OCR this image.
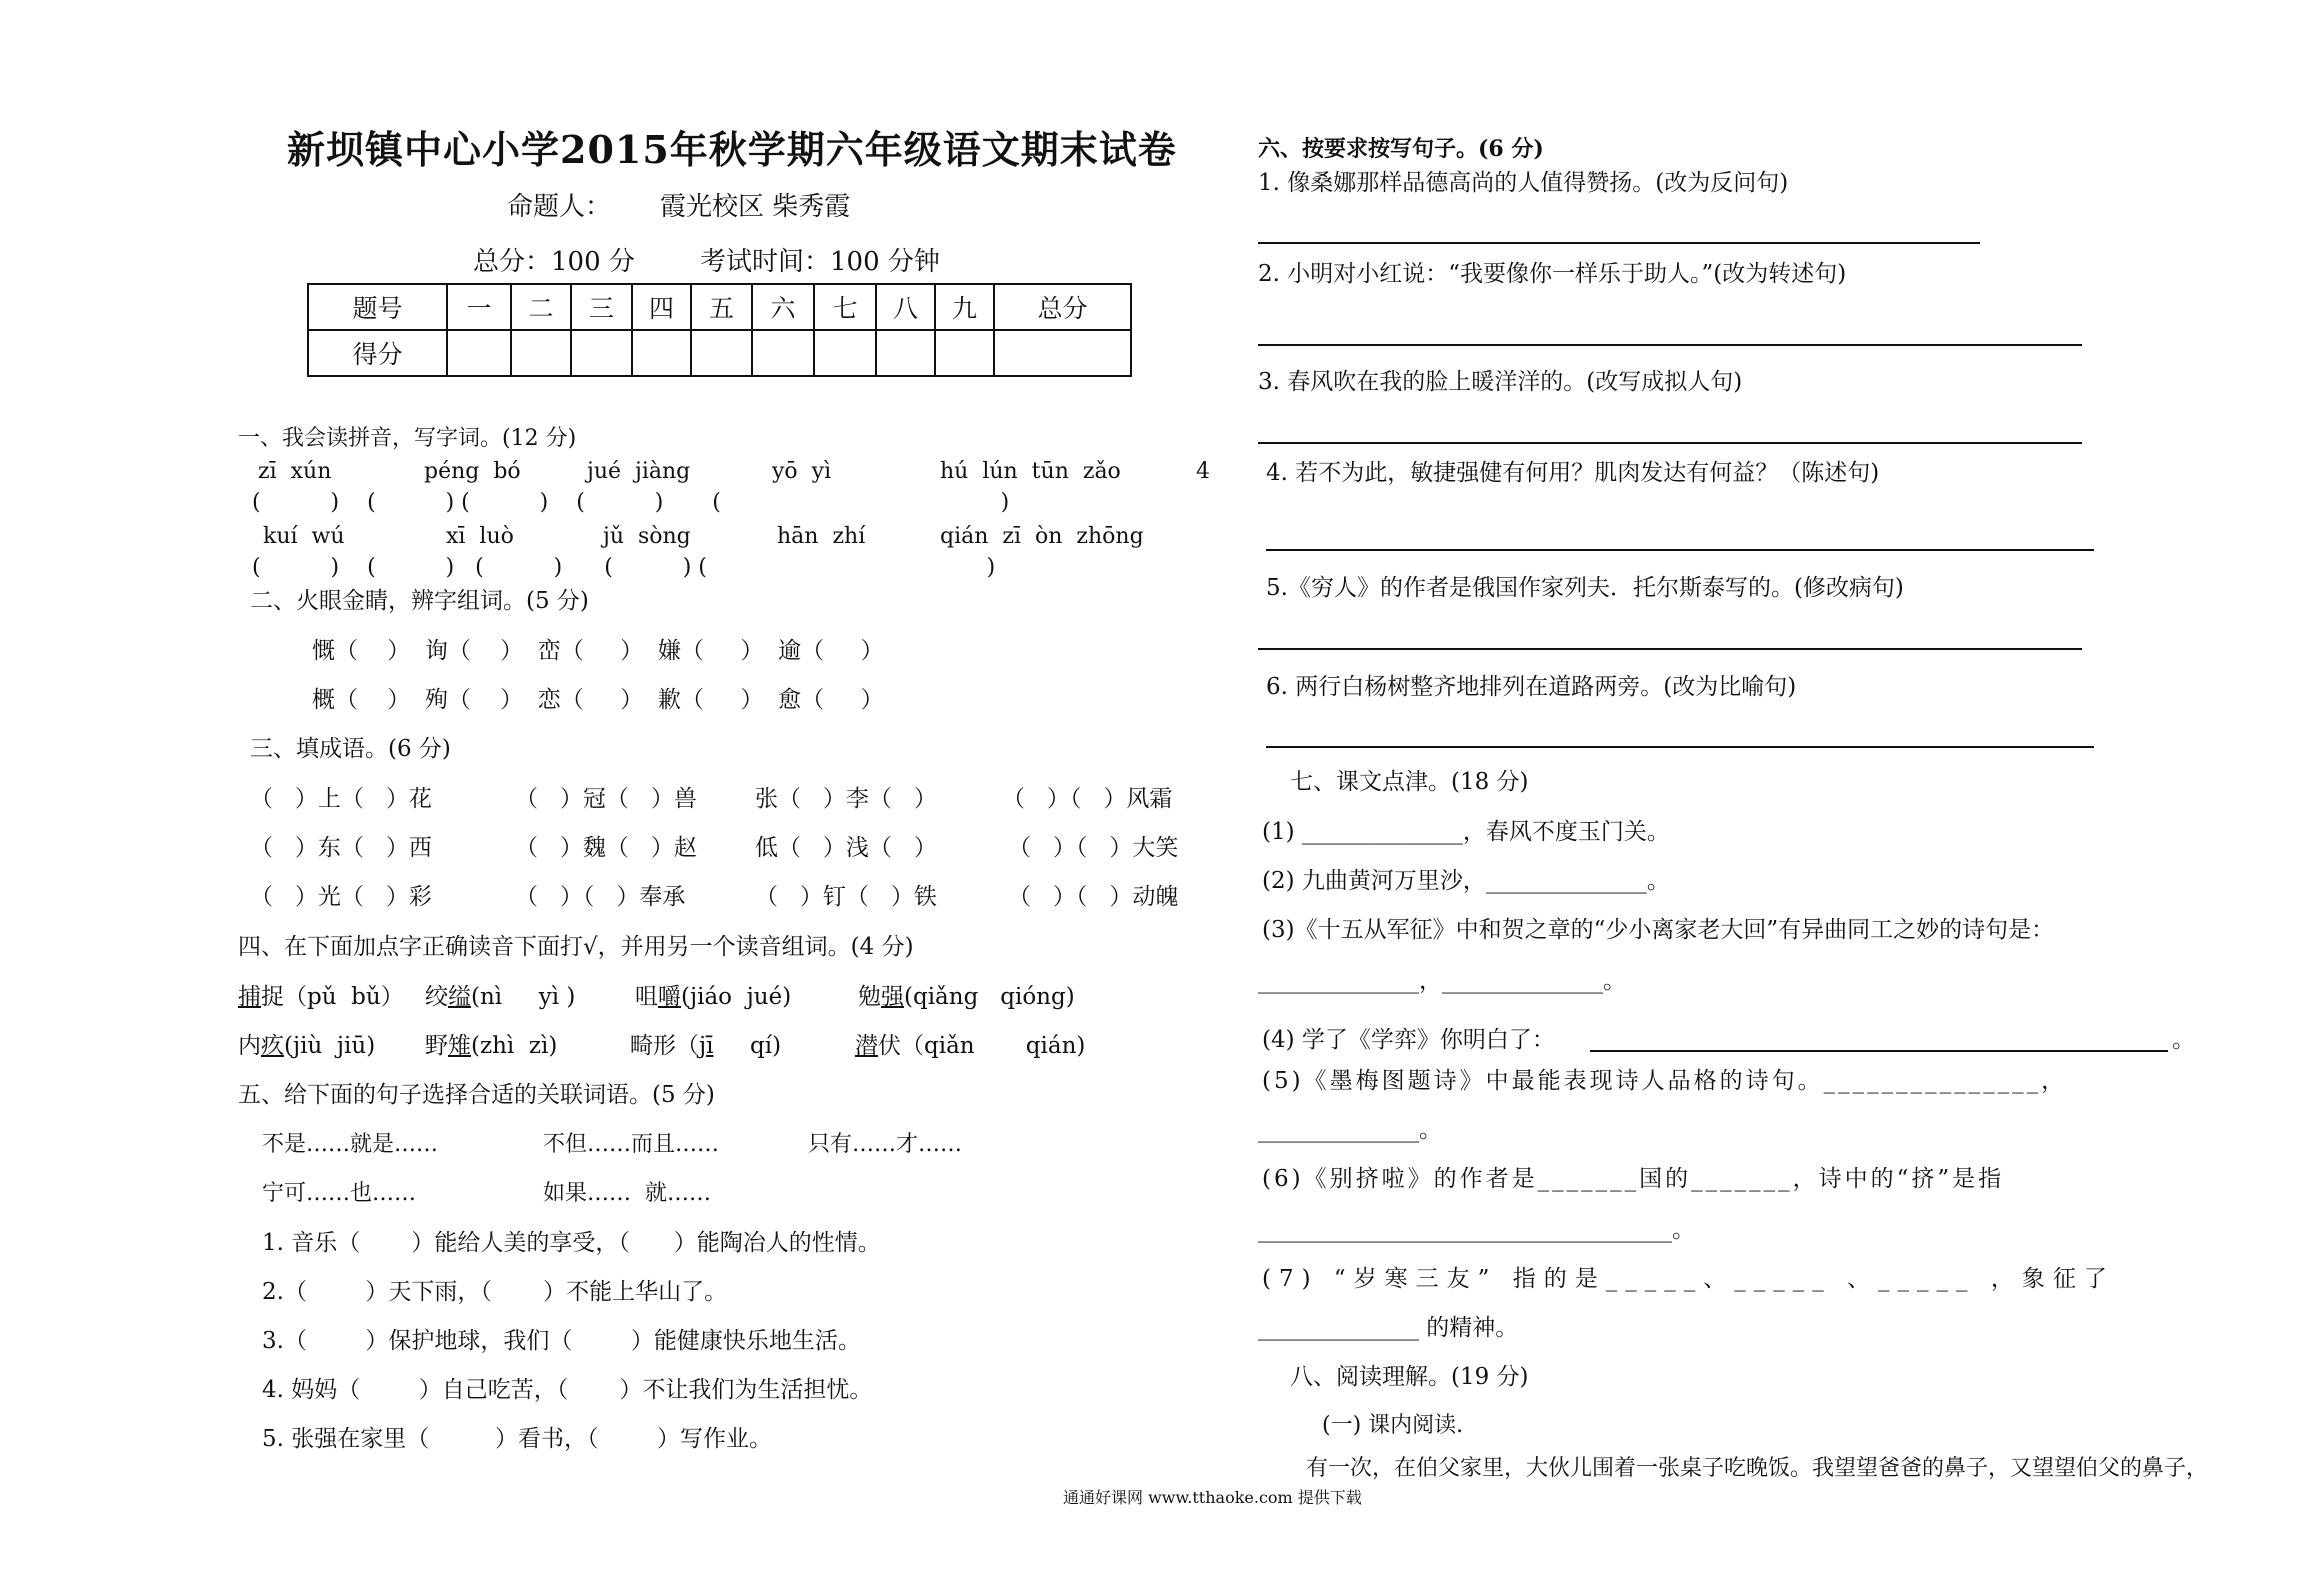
新坝镇中心小学2015年秋学期六年级语文期末试卷
命题人： 霞光校区 柴秀霞
总分：100 分	考试时间：100 分钟
题号	一	二	三	四	五	六	七	八	九	总分
得分										
一、我会读拼音，写字词。(12 分)
zī  xún	péng  bó	jué  jiàng	yō  yì	hú  lún  tūn  zǎo	4
(          )    (          ) (          )    (          )       (                                        )
kuí  wú	xī  luò	jǔ  sòng	hān  zhí	qián  zī  òn  zhōng
(          )    (          )   (          )      (          ) (                                        )
二、火眼金睛，辨字组词。(5 分)
慨（    ）  询（    ）  峦（     ）  嫌（     ）  逾（     ）
概（    ）  殉（    ）  恋（     ）  歉（     ）  愈（     ）
三、填成语。(6 分)
（   ）上（   ）花	（   ）冠（   ）兽	张（   ）李（   ）	（   ）（   ）风霜
（   ）东（   ）西	（   ）魏（   ）赵	低（   ）浅（   ）	（   ）（   ）大笑
（   ）光（   ）彩	（   ）（   ）奉承	（   ）钉（   ）铁	（   ）（   ）动魄
四、在下面加点字正确读音下面打√，并用另一个读音组词。(4 分)
捕捉（pǔ  bǔ） 绞缢(nì     yì )	咀嚼(jiáo  jué)	勉强(qiǎng   qióng)
内疚(jiù  jiū) 野雉(zhì  zì)	畸形（jī     qí)	潜伏（qiǎn       qián)
五、给下面的句子选择合适的关联词语。(5 分)
不是……就是……	不但……而且……	只有……才……
宁可……也……	如果……  就……
1. 音乐（       ）能给人美的享受，（      ）能陶冶人的性情。
2.（        ）天下雨，（       ）不能上华山了。
3.（        ）保护地球，我们（        ）能健康快乐地生活。
4. 妈妈（        ）自己吃苦，（       ）不让我们为生活担忧。
5. 张强在家里（         ）看书，（        ）写作业。
六、按要求按写句子。(6 分)
1. 像桑娜那样品德高尚的人值得赞扬。(改为反问句)
2. 小明对小红说：“我要像你一样乐于助人。”(改为转述句)
3. 春风吹在我的脸上暖洋洋的。(改写成拟人句)
4. 若不为此，敏捷强健有何用？肌肉发达有何益？（陈述句)
5.《穷人》的作者是俄国作家列夫．托尔斯泰写的。(修改病句)
6. 两行白杨树整齐地排列在道路两旁。(改为比喻句)
七、课文点津。(18 分)
(1) ______________，春风不度玉门关。
(2) 九曲黄河万里沙，______________。
(3)《十五从军征》中和贺之章的“少小离家老大回”有异曲同工之妙的诗句是：
______________，______________。
(4) 学了《学弈》你明白了：	。
(5)《墨梅图题诗》中最能表现诗人品格的诗句。_______________，
______________。
(6)《别挤啦》的作者是_______国的_______，诗中的“挤”是指
____________________________________。
(7) “岁寒三友” 指的是_____、_____ 、_____ ，象征了
______________ 的精神。
八、阅读理解。(19 分)
(一) 课内阅读.
有一次，在伯父家里，大伙儿围着一张桌子吃晚饭。我望望爸爸的鼻子，又望望伯父的鼻子，
通通好课网 www.tthaoke.com 提供下载
